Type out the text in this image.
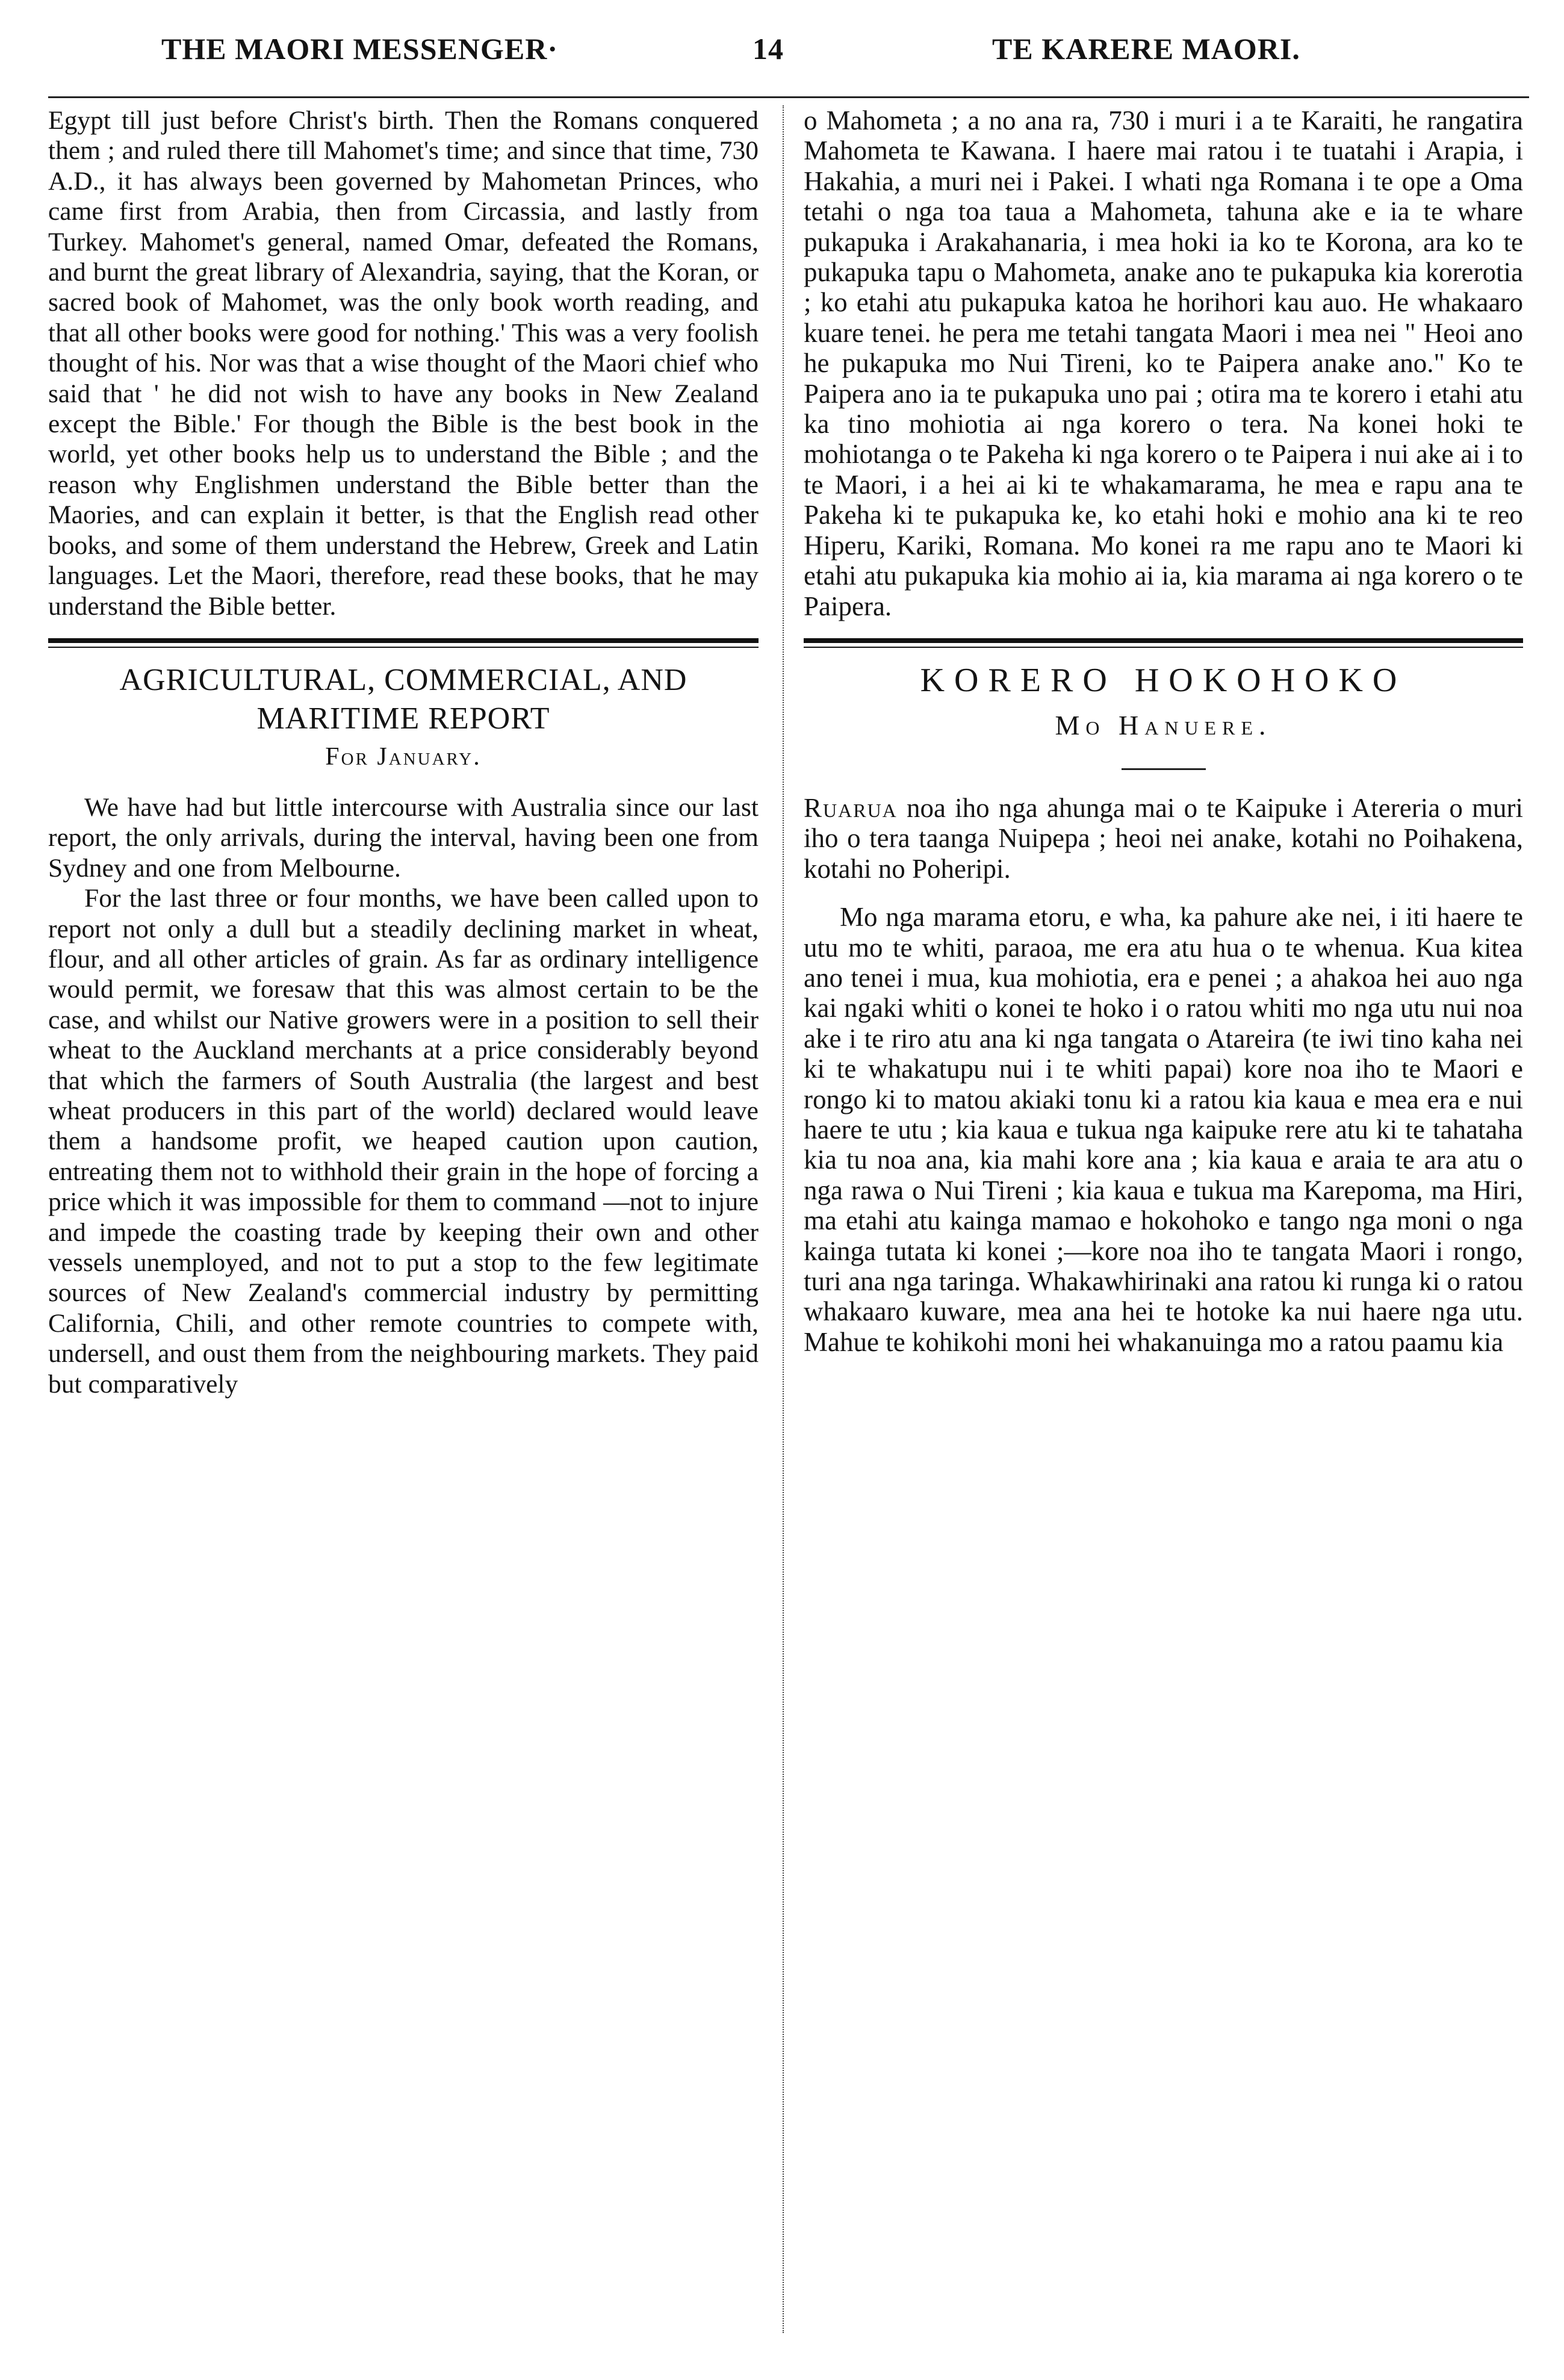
THE MAORI MESSENGER·	14	TE KARERE MAORI.

Egypt till just before Christ's birth. Then the Romans conquered them ; and ruled there till Mahomet's time; and since that time, 730 A.D., it has always been governed by Mahometan Princes, who came first from Arabia, then from Circassia, and lastly from Turkey. Mahomet's general, named Omar, defeated the Romans, and burnt the great library of Alexandria, saying, that the Koran, or sacred book of Mahomet, was the only book worth reading, and that all other books were good for nothing.' This was a very foolish thought of his. Nor was that a wise thought of the Maori chief who said that ' he did not wish to have any books in New Zealand except the Bible.' For though the Bible is the best book in the world, yet other books help us to understand the Bible ; and the reason why Englishmen understand the Bible better than the Maories, and can explain it better, is that the English read other books, and some of them understand the Hebrew, Greek and Latin languages. Let the Maori, therefore, read these books, that he may understand the Bible better.

AGRICULTURAL, COMMERCIAL, AND MARITIME REPORT
For January.

We have had but little intercourse with Australia since our last report, the only arrivals, during the interval, having been one from Sydney and one from Melbourne.

For the last three or four months, we have been called upon to report not only a dull but a steadily declining market in wheat, flour, and all other articles of grain. As far as ordinary intelligence would permit, we foresaw that this was almost certain to be the case, and whilst our Native growers were in a position to sell their wheat to the Auckland merchants at a price considerably beyond that which the farmers of South Australia (the largest and best wheat producers in this part of the world) declared would leave them a handsome profit, we heaped caution upon caution, entreating them not to withhold their grain in the hope of forcing a price which it was impossible for them to command —not to injure and impede the coasting trade by keeping their own and other vessels unemployed, and not to put a stop to the few legitimate sources of New Zealand's commercial industry by permitting California, Chili, and other remote countries to compete with, undersell, and oust them from the neighbouring markets. They paid but comparatively

o Mahometa ; a no ana ra, 730 i muri i a te Karaiti, he rangatira Mahometa te Kawana. I haere mai ratou i te tuatahi i Arapia, i Hakahia, a muri nei i Pakei. I whati nga Romana i te ope a Oma tetahi o nga toa taua a Mahometa, tahuna ake e ia te whare pukapuka i Arakahanaria, i mea hoki ia ko te Korona, ara ko te pukapuka tapu o Mahometa, anake ano te pukapuka kia korerotia ; ko etahi atu pukapuka katoa he horihori kau auo. He whakaaro kuare tenei. he pera me tetahi tangata Maori i mea nei " Heoi ano he pukapuka mo Nui Tireni, ko te Paipera anake ano." Ko te Paipera ano ia te pukapuka uno pai ; otira ma te korero i etahi atu ka tino mohiotia ai nga korero o tera. Na konei hoki te mohiotanga o te Pakeha ki nga korero o te Paipera i nui ake ai i to te Maori, i a hei ai ki te whakamarama, he mea e rapu ana te Pakeha ki te pukapuka ke, ko etahi hoki e mohio ana ki te reo Hiperu, Kariki, Romana. Mo konei ra me rapu ano te Maori ki etahi atu pukapuka kia mohio ai ia, kia marama ai nga korero o te Paipera.

KORERO HOKOHOKO
Mo Hanuere.

Ruarua noa iho nga ahunga mai o te Kaipuke i Atereria o muri iho o tera taanga Nuipepa ; heoi nei anake, kotahi no Poihakena, kotahi no Poheripi.

Mo nga marama etoru, e wha, ka pahure ake nei, i iti haere te utu mo te whiti, paraoa, me era atu hua o te whenua. Kua kitea ano tenei i mua, kua mohiotia, era e penei ; a ahakoa hei auo nga kai ngaki whiti o konei te hoko i o ratou whiti mo nga utu nui noa ake i te riro atu ana ki nga tangata o Atareira (te iwi tino kaha nei ki te whakatupu nui i te whiti papai) kore noa iho te Maori e rongo ki to matou akiaki tonu ki a ratou kia kaua e mea era e nui haere te utu ; kia kaua e tukua nga kaipuke rere atu ki te tahataha kia tu noa ana, kia mahi kore ana ; kia kaua e araia te ara atu o nga rawa o Nui Tireni ; kia kaua e tukua ma Karepoma, ma Hiri, ma etahi atu kainga mamao e hokohoko e tango nga moni o nga kainga tutata ki konei ;—kore noa iho te tangata Maori i rongo, turi ana nga taringa. Whakawhirinaki ana ratou ki runga ki o ratou whakaaro kuware, mea ana hei te hotoke ka nui haere nga utu. Mahue te kohikohi moni hei whakanuinga mo a ratou paamu kia
